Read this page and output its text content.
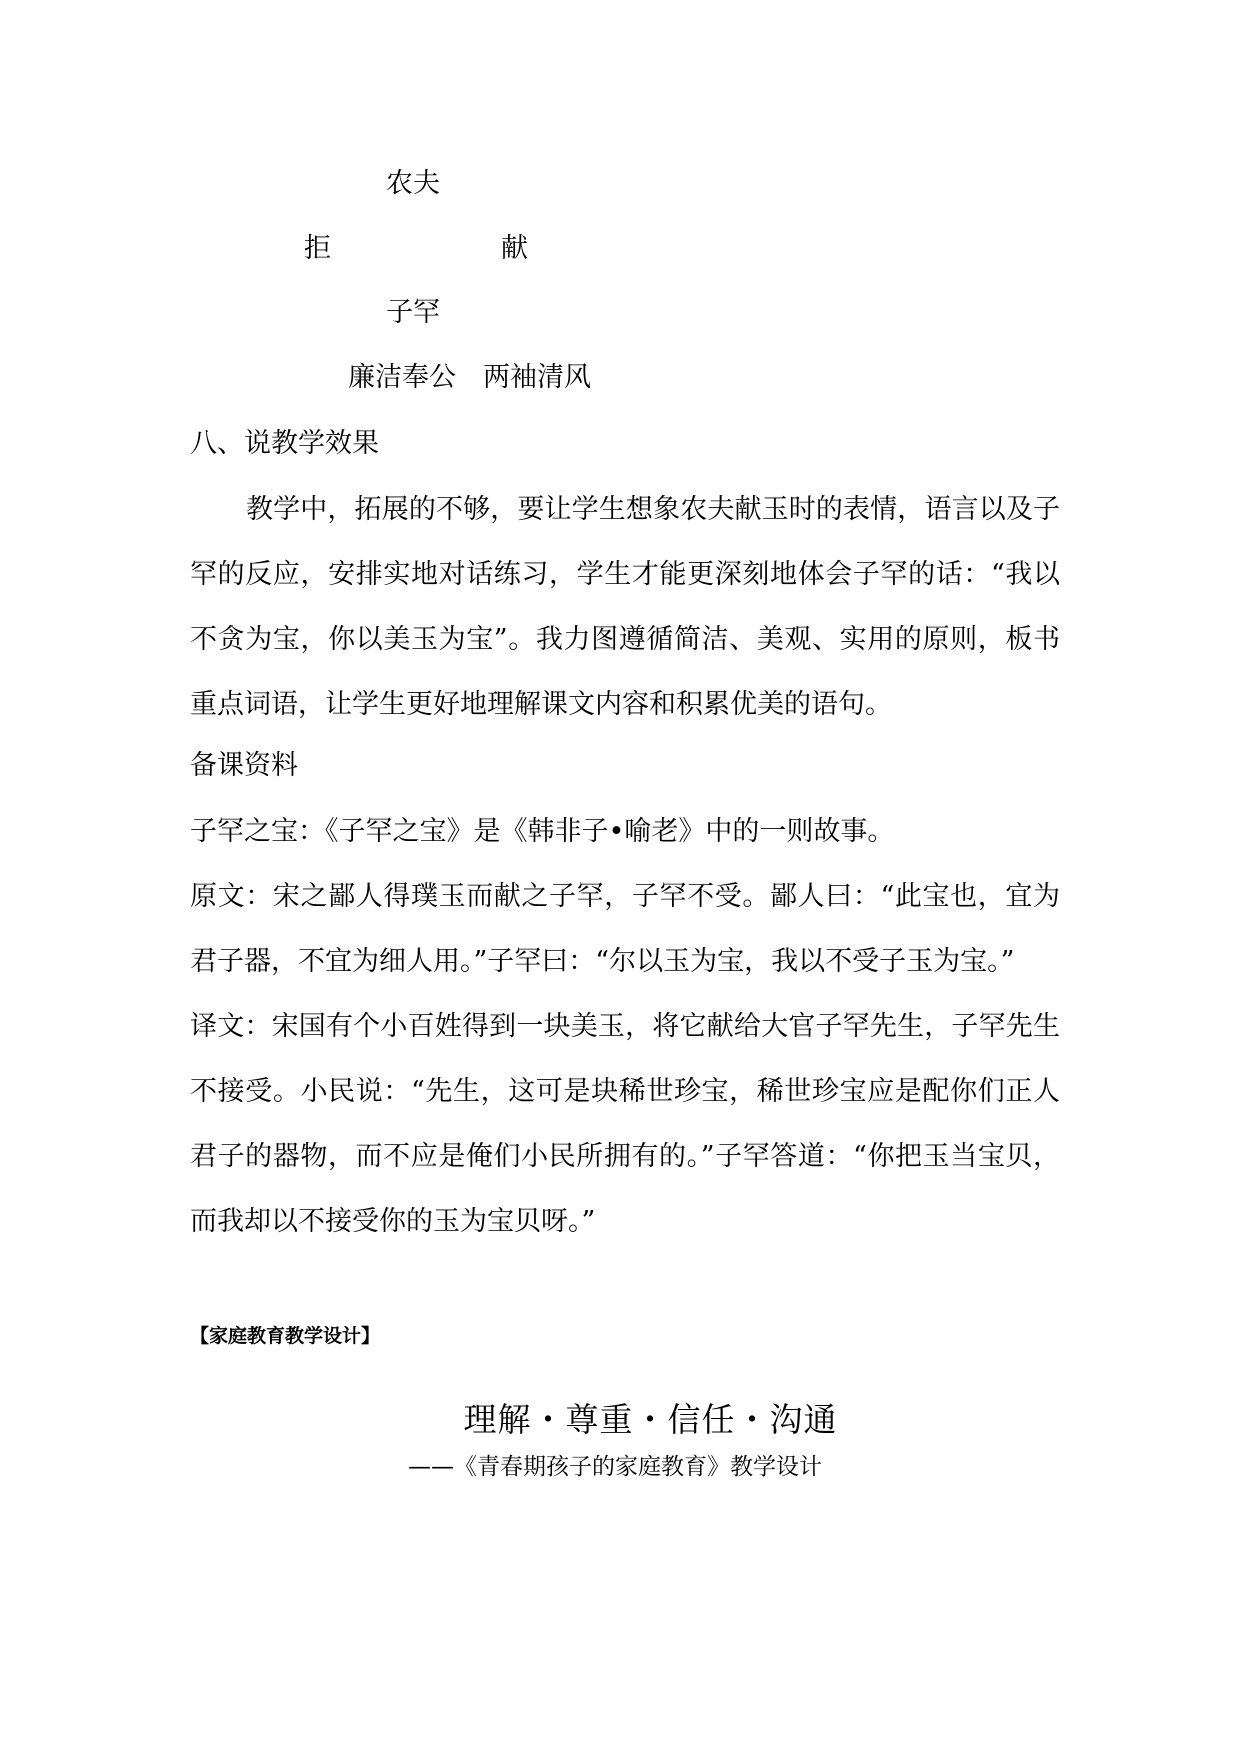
农夫
拒	献
子罕
廉洁奉公　两袖清风
八、说教学效果

教学中，拓展的不够，要让学生想象农夫献玉时的表情，语言以及子罕的反应，安排实地对话练习，学生才能更深刻地体会子罕的话：“我以不贪为宝，你以美玉为宝”。我力图遵循简洁、美观、实用的原则，板书重点词语，让学生更好地理解课文内容和积累优美的语句。

备课资料

子罕之宝：《子罕之宝》是《韩非子•喻老》中的一则故事。

原文：宋之鄙人得璞玉而献之子罕，子罕不受。鄙人曰：“此宝也，宜为君子器，不宜为细人用。”子罕曰：“尔以玉为宝，我以不受子玉为宝。”

译文：宋国有个小百姓得到一块美玉，将它献给大官子罕先生，子罕先生不接受。小民说：“先生，这可是块稀世珍宝，稀世珍宝应是配你们正人君子的器物，而不应是俺们小民所拥有的。”子罕答道：“你把玉当宝贝，而我却以不接受你的玉为宝贝呀。”

【家庭教育教学设计】
理解・尊重・信任・沟通
——《青春期孩子的家庭教育》教学设计
